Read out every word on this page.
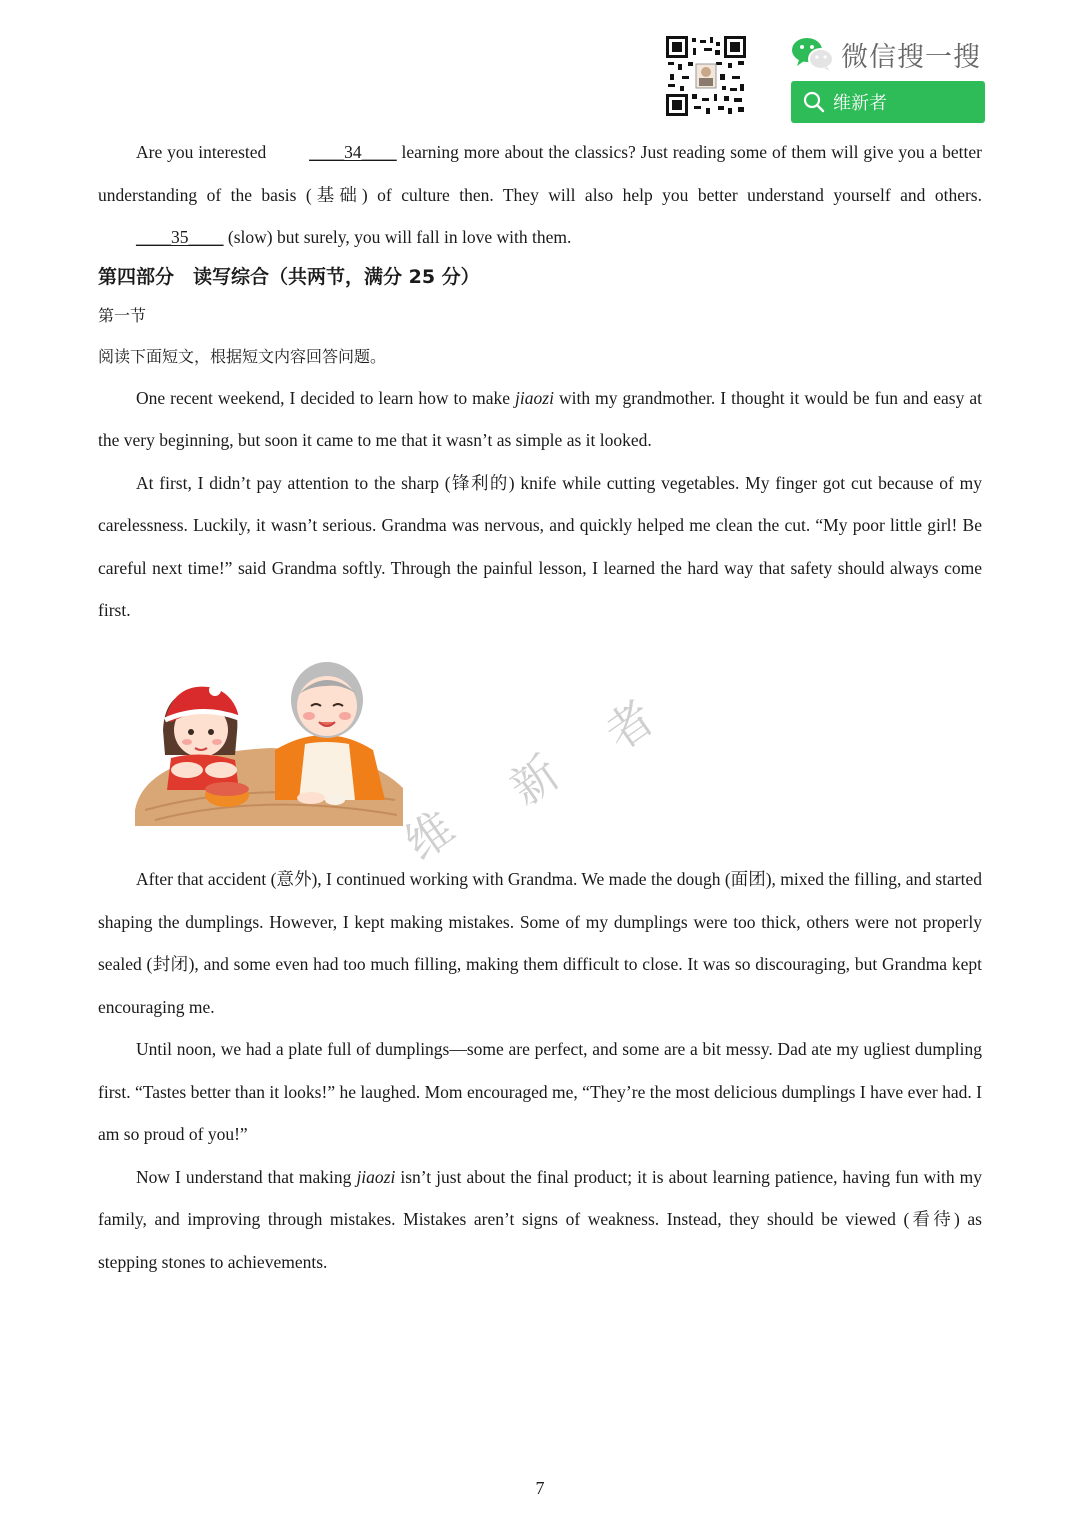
微信搜一搜
维新者

Are you interested ____34____ learning more about the classics? Just reading some of them will give you a better understanding of the basis (基础) of culture then. They will also help you better understand yourself and others. ____35____ (slow) but surely, you will fall in love with them.

第四部分　读写综合（共两节，满分 25 分）

第一节

阅读下面短文，根据短文内容回答问题。

One recent weekend, I decided to learn how to make jiaozi with my grandmother. I thought it would be fun and easy at the very beginning, but soon it came to me that it wasn’t as simple as it looked.

At first, I didn’t pay attention to the sharp (锋利的) knife while cutting vegetables. My finger got cut because of my carelessness. Luckily, it wasn’t serious. Grandma was nervous, and quickly helped me clean the cut. “My poor little girl! Be careful next time!” said Grandma softly. Through the painful lesson, I learned the hard way that safety should always come first.

维
新
者

After that accident (意外), I continued working with Grandma. We made the dough (面团), mixed the filling, and started shaping the dumplings. However, I kept making mistakes. Some of my dumplings were too thick, others were not properly sealed (封闭), and some even had too much filling, making them difficult to close. It was so discouraging, but Grandma kept encouraging me.

Until noon, we had a plate full of dumplings—some are perfect, and some are a bit messy. Dad ate my ugliest dumpling first. “Tastes better than it looks!” he laughed. Mom encouraged me, “They’re the most delicious dumplings I have ever had. I am so proud of you!”

Now I understand that making jiaozi isn’t just about the final product; it is about learning patience, having fun with my family, and improving through mistakes. Mistakes aren’t signs of weakness. Instead, they should be viewed (看待) as stepping stones to achievements.

7
